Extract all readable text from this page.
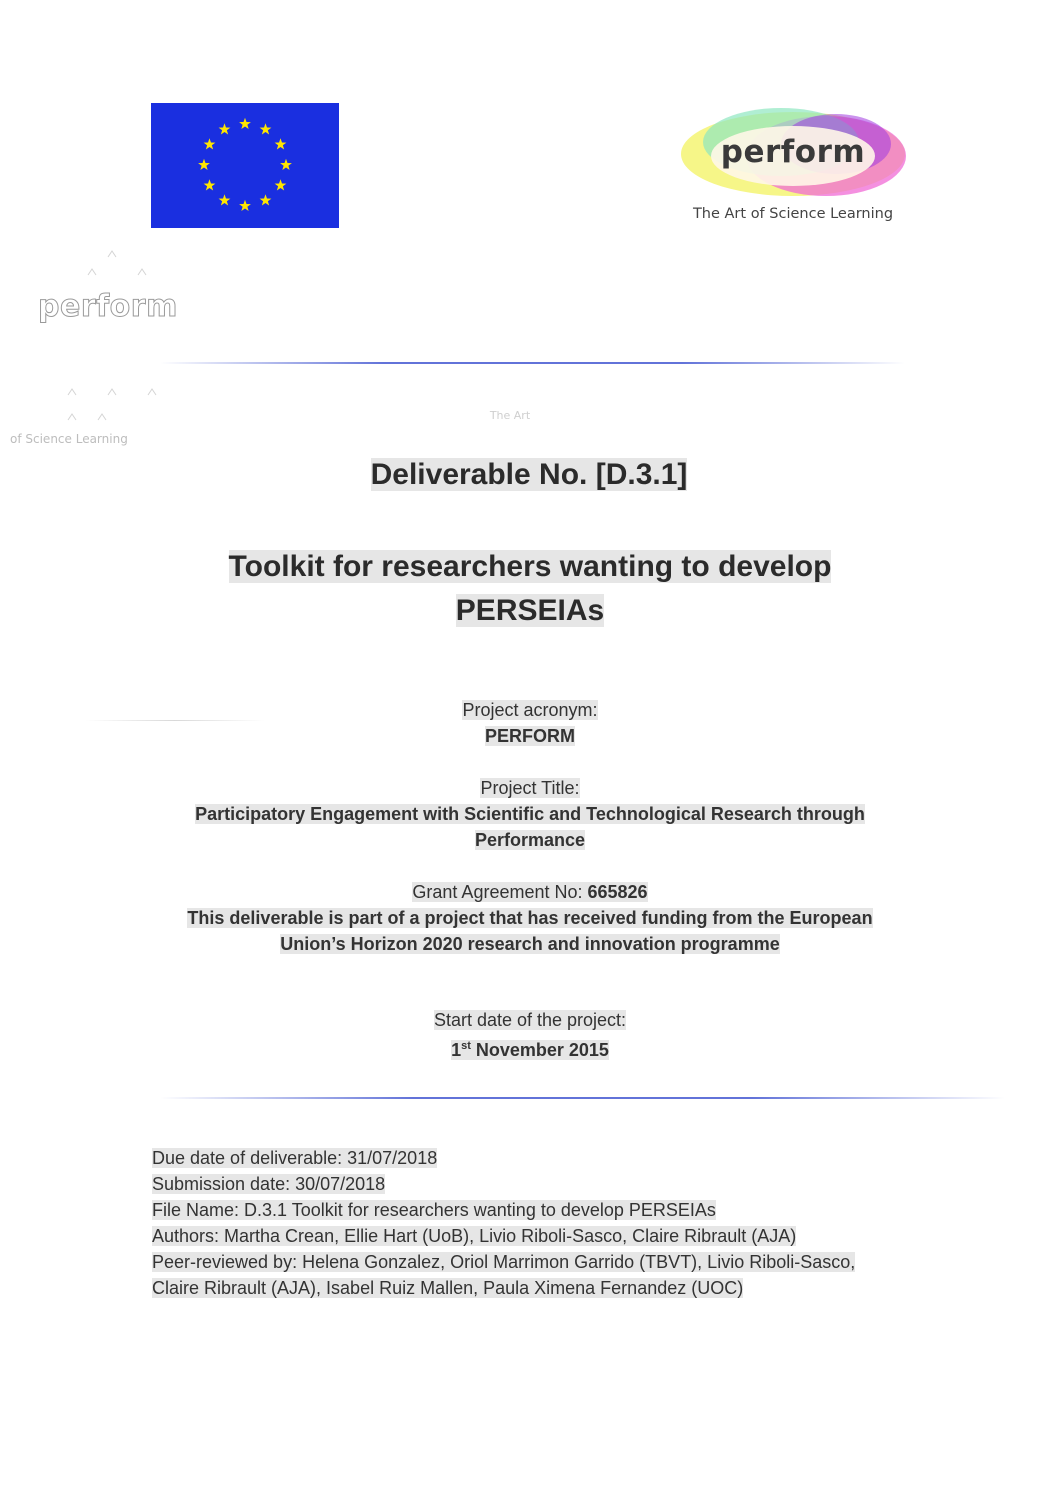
perform
The Art of Science Learning
perform
of Science Learning
The Art
Deliverable No. [D.3.1]
Toolkit for researchers wanting to develop
PERSEIAs
Project acronym:
PERFORM
Project Title:
Participatory Engagement with Scientific and Technological Research through
Performance
Grant Agreement No: 665826
This deliverable is part of a project that has received funding from the European
Union’s Horizon 2020 research and innovation programme
Start date of the project:
1st November 2015
Due date of deliverable: 31/07/2018
Submission date: 30/07/2018
File Name: D.3.1 Toolkit for researchers wanting to develop PERSEIAs
Authors: Martha Crean, Ellie Hart (UoB), Livio Riboli-Sasco, Claire Ribrault (AJA)
Peer-reviewed by: Helena Gonzalez, Oriol Marrimon Garrido (TBVT), Livio Riboli-Sasco,
Claire Ribrault (AJA), Isabel Ruiz Mallen, Paula Ximena Fernandez (UOC)
